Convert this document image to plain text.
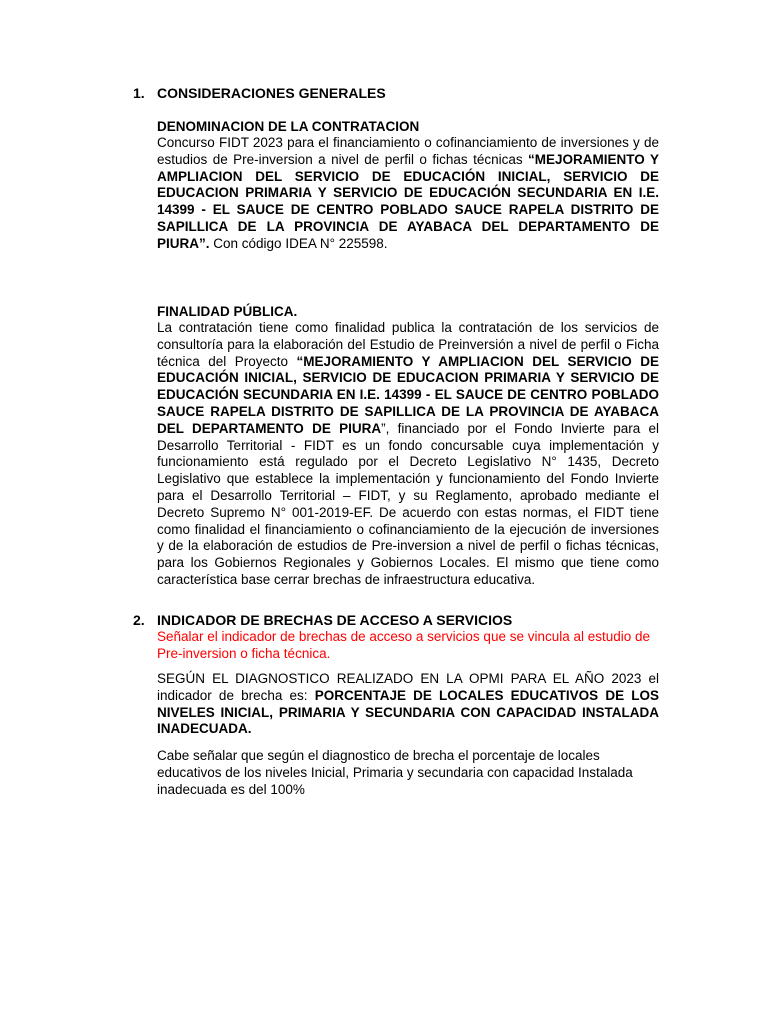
1. CONSIDERACIONES GENERALES
DENOMINACION DE LA CONTRATACION
Concurso FIDT 2023 para el financiamiento o cofinanciamiento de inversiones y de estudios de Pre-inversion a nivel de perfil o fichas técnicas “MEJORAMIENTO Y AMPLIACION DEL SERVICIO DE EDUCACIÓN INICIAL, SERVICIO DE EDUCACION PRIMARIA Y SERVICIO DE EDUCACIÓN SECUNDARIA EN I.E. 14399 - EL SAUCE DE CENTRO POBLADO SAUCE RAPELA DISTRITO DE SAPILLICA DE LA PROVINCIA DE AYABACA DEL DEPARTAMENTO DE PIURA”. Con código IDEA N° 225598.
FINALIDAD PÚBLICA.
La contratación tiene como finalidad publica la contratación de los servicios de consultoría para la elaboración del Estudio de Preinversión a nivel de perfil o Ficha técnica del Proyecto “MEJORAMIENTO Y AMPLIACION DEL SERVICIO DE EDUCACIÓN INICIAL, SERVICIO DE EDUCACION PRIMARIA Y SERVICIO DE EDUCACIÓN SECUNDARIA EN I.E. 14399 - EL SAUCE DE CENTRO POBLADO SAUCE RAPELA DISTRITO DE SAPILLICA DE LA PROVINCIA DE AYABACA DEL DEPARTAMENTO DE PIURA”, financiado por el Fondo Invierte para el Desarrollo Territorial - FIDT es un fondo concursable cuya implementación y funcionamiento está regulado por el Decreto Legislativo N° 1435, Decreto Legislativo que establece la implementación y funcionamiento del Fondo Invierte para el Desarrollo Territorial – FIDT, y su Reglamento, aprobado mediante el Decreto Supremo N° 001-2019-EF. De acuerdo con estas normas, el FIDT tiene como finalidad el financiamiento o cofinanciamiento de la ejecución de inversiones y de la elaboración de estudios de Pre-inversion a nivel de perfil o fichas técnicas, para los Gobiernos Regionales y Gobiernos Locales. El mismo que tiene como característica base cerrar brechas de infraestructura educativa.
2. INDICADOR DE BRECHAS DE ACCESO A SERVICIOS
Señalar el indicador de brechas de acceso a servicios que se vincula al estudio de Pre-inversion o ficha técnica.
SEGÚN EL DIAGNOSTICO REALIZADO EN LA OPMI PARA EL AÑO 2023 el indicador de brecha es: PORCENTAJE DE LOCALES EDUCATIVOS DE LOS NIVELES INICIAL, PRIMARIA Y SECUNDARIA CON CAPACIDAD INSTALADA INADECUADA.
Cabe señalar que según el diagnostico de brecha el porcentaje de locales educativos de los niveles Inicial, Primaria y secundaria con capacidad Instalada inadecuada es del 100%
